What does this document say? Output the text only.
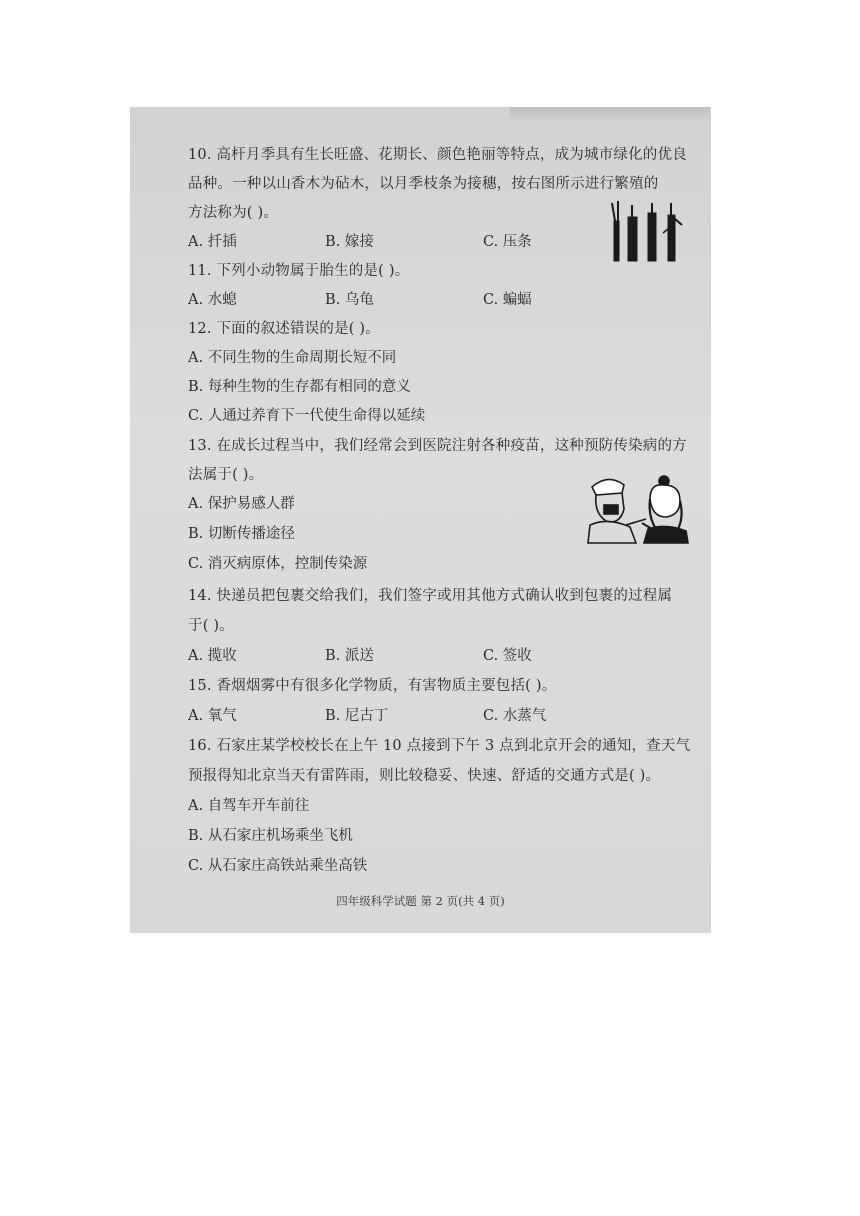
10. 高杆月季具有生长旺盛、花期长、颜色艳丽等特点，成为城市绿化的优良
品种。一种以山香木为砧木，以月季枝条为接穗，按右图所示进行繁殖的
方法称为( )。
A. 扦插	B. 嫁接	C. 压条
11. 下列小动物属于胎生的是( )。
A. 水螅	B. 乌龟	C. 蝙蝠
12. 下面的叙述错误的是( )。
A. 不同生物的生命周期长短不同
B. 每种生物的生存都有相同的意义
C. 人通过养育下一代使生命得以延续
13. 在成长过程当中，我们经常会到医院注射各种疫苗，这种预防传染病的方
法属于( )。
A. 保护易感人群
B. 切断传播途径
C. 消灭病原体，控制传染源
14. 快递员把包裹交给我们，我们签字或用其他方式确认收到包裹的过程属
于( )。
A. 揽收	B. 派送	C. 签收
15. 香烟烟雾中有很多化学物质，有害物质主要包括( )。
A. 氧气	B. 尼古丁	C. 水蒸气
16. 石家庄某学校校长在上午 10 点接到下午 3 点到北京开会的通知，查天气
预报得知北京当天有雷阵雨，则比较稳妥、快速、舒适的交通方式是( )。
A. 自驾车开车前往
B. 从石家庄机场乘坐飞机
C. 从石家庄高铁站乘坐高铁
四年级科学试题 第 2 页(共 4 页)
